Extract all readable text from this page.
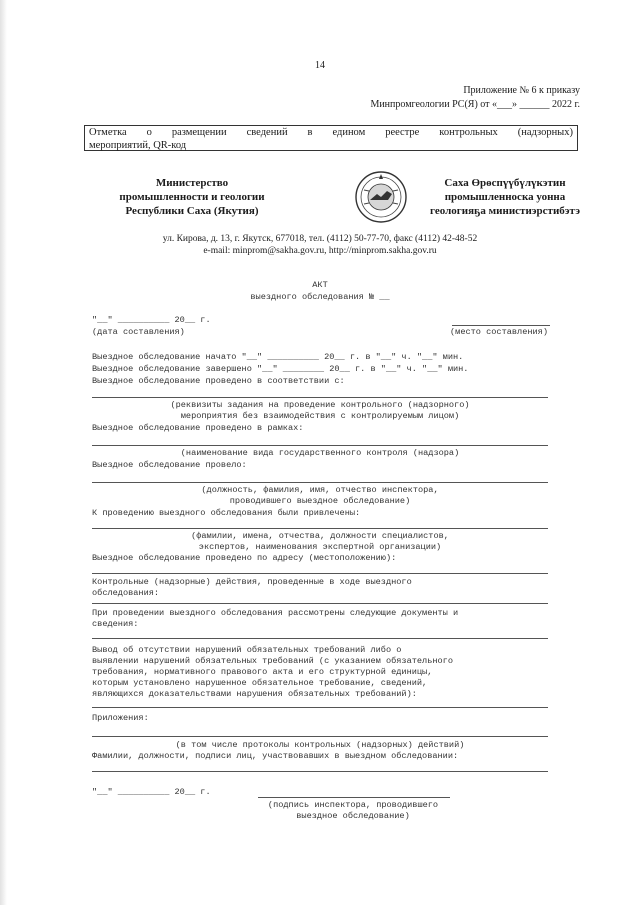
14
Приложение № 6 к приказу
Минпромгеологии РС(Я) от «___» ______ 2022 г.
Отметка о размещении сведений в едином реестре контрольных (надзорных)
мероприятий, QR-код
Министерство
промышленности и геологии
Республики Саха (Якутия)
Саха Өрөспүүбүлүкэтин
промышленноска уонна
геологияҕа министиэрстибэтэ
ул. Кирова, д. 13, г. Якутск, 677018, тел. (4112) 50-77-70, факс (4112) 42-48-52
e-mail: minprom@sakha.gov.ru, http://minprom.sakha.gov.ru
АКТ
выездного обследования № __
"__" __________ 20__ г.
(дата составления)	(место составления)
Выездное обследование начато "__" __________ 20__ г. в "__" ч. "__" мин.
Выездное обследование завершено "__" ________ 20__ г. в "__" ч. "__" мин.
Выездное обследование проведено в соответствии с:
(реквизиты задания на проведение контрольного (надзорного)
мероприятия без взаимодействия с контролируемым лицом)
Выездное обследование проведено в рамках:
(наименование вида государственного контроля (надзора)
Выездное обследование провело:
(должность, фамилия, имя, отчество инспектора,
проводившего выездное обследование)
К проведению выездного обследования были привлечены:
(фамилии, имена, отчества, должности специалистов,
экспертов, наименования экспертной организации)
Выездное обследование проведено по адресу (местоположению):
Контрольные (надзорные) действия, проведенные в ходе выездного
обследования:
При проведении выездного обследования рассмотрены следующие документы и
сведения:
Вывод об отсутствии нарушений обязательных требований либо о
выявлении нарушений обязательных требований (с указанием обязательного
требования, нормативного правового акта и его структурной единицы,
которым установлено нарушенное обязательное требование, сведений,
являющихся доказательствами нарушения обязательных требований):
Приложения:
(в том числе протоколы контрольных (надзорных) действий)
Фамилии, должности, подписи лиц, участвовавших в выездном обследовании:
"__" __________ 20__ г.
(подпись инспектора, проводившего
выездное обследование)
